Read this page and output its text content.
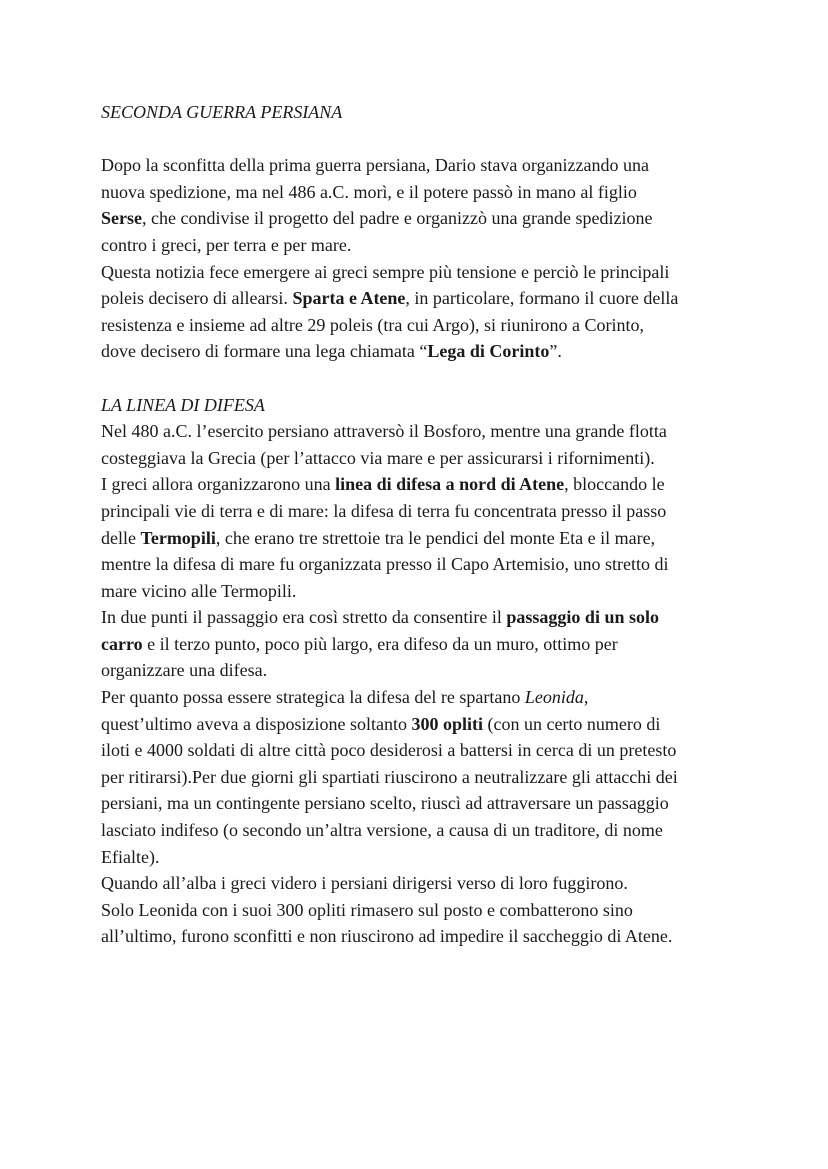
SECONDA GUERRA PERSIANA
Dopo la sconfitta della prima guerra persiana, Dario stava organizzando una
nuova spedizione, ma nel 486 a.C. morì, e il potere passò in mano al figlio
Serse, che condivise il progetto del padre e organizzò una grande spedizione
contro i greci, per terra e per mare.
Questa notizia fece emergere ai greci sempre più tensione e perciò le principali
poleis decisero di allearsi. Sparta e Atene, in particolare, formano il cuore della
resistenza e insieme ad altre 29 poleis (tra cui Argo), si riunirono a Corinto,
dove decisero di formare una lega chiamata “Lega di Corinto”.
LA LINEA DI DIFESA
Nel 480 a.C. l’esercito persiano attraversò il Bosforo, mentre una grande flotta
costeggiava la Grecia (per l’attacco via mare e per assicurarsi i rifornimenti).
I greci allora organizzarono una linea di difesa a nord di Atene, bloccando le
principali vie di terra e di mare: la difesa di terra fu concentrata presso il passo
delle Termopili, che erano tre strettoie tra le pendici del monte Eta e il mare,
mentre la difesa di mare fu organizzata presso il Capo Artemisio, uno stretto di
mare vicino alle Termopili.
In due punti il passaggio era così stretto da consentire il passaggio di un solo
carro e il terzo punto, poco più largo, era difeso da un muro, ottimo per
organizzare una difesa.
Per quanto possa essere strategica la difesa del re spartano Leonida,
quest’ultimo aveva a disposizione soltanto 300 opliti (con un certo numero di
iloti e 4000 soldati di altre città poco desiderosi a battersi in cerca di un pretesto
per ritirarsi).Per due giorni gli spartiati riuscirono a neutralizzare gli attacchi dei
persiani, ma un contingente persiano scelto, riuscì ad attraversare un passaggio
lasciato indifeso (o secondo un’altra versione, a causa di un traditore, di nome
Efialte).
Quando all’alba i greci videro i persiani dirigersi verso di loro fuggirono.
Solo Leonida con i suoi 300 opliti rimasero sul posto e combatterono sino
all’ultimo, furono sconfitti e non riuscirono ad impedire il saccheggio di Atene.
